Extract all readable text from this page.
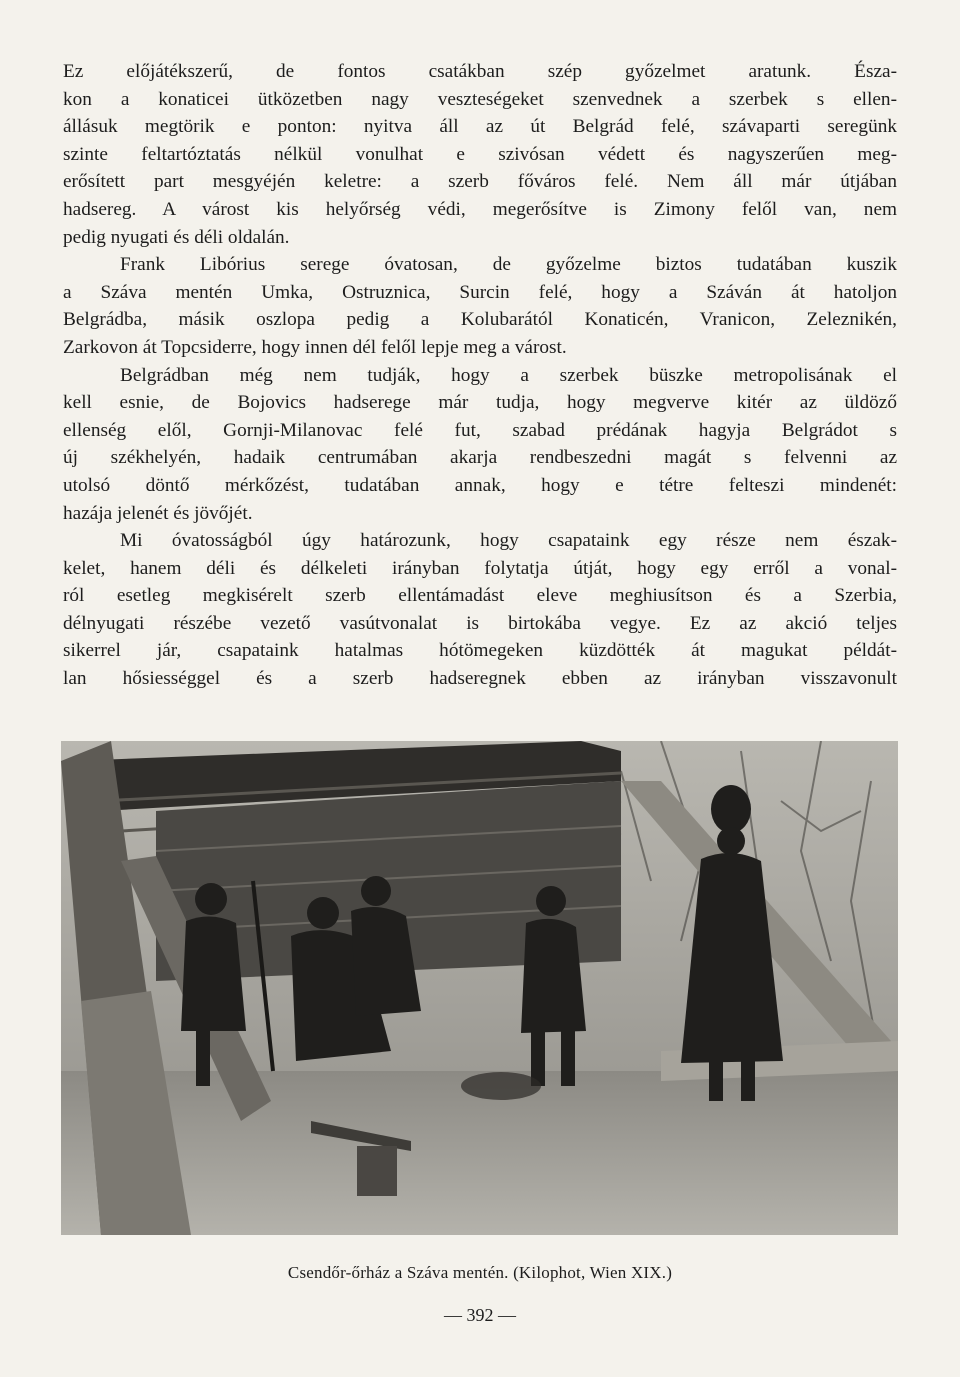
Ez előjátékszerű, de fontos csatákban szép győzelmet aratunk. Észa-
kon a konaticei ütközetben nagy veszteségeket szenvednek a szerbek s ellen-
állásuk megtörik e ponton: nyitva áll az út Belgrád felé, szávaparti seregünk
szinte feltartóztatás nélkül vonulhat e szivósan védett és nagyszerűen meg-
erősített part mesgyéjén keletre: a szerb főváros felé. Nem áll már útjában
hadsereg. A várost kis helyőrség védi, megerősítve is Zimony felől van, nem
pedig nyugati és déli oldalán.
Frank Libórius serege óvatosan, de győzelme biztos tudatában kuszik
a Száva mentén Umka, Ostruznica, Surcin felé, hogy a Száván át hatoljon
Belgrádba, másik oszlopa pedig a Kolubarától Konaticén, Vranicon, Zeleznikén,
Zarkovon át Topcsiderre, hogy innen dél felől lepje meg a várost.
Belgrádban még nem tudják, hogy a szerbek büszke metropolisának el
kell esnie, de Bojovics hadserege már tudja, hogy megverve kitér az üldöző
ellenség elől, Gornji-Milanovac felé fut, szabad prédának hagyja Belgrádot s
új székhelyén, hadaik centrumában akarja rendbeszedni magát s felvenni az
utolsó döntő mérkőzést, tudatában annak, hogy e tétre felteszi mindenét:
hazája jelenét és jövőjét.
Mi óvatosságból úgy határozunk, hogy csapataink egy része nem észak-
kelet, hanem déli és délkeleti irányban folytatja útját, hogy egy erről a vonal-
ról esetleg megkisérelt szerb ellentámadást eleve meghiusítson és a Szerbia,
délnyugati részébe vezető vasútvonalat is birtokába vegye. Ez az akció teljes
sikerrel jár, csapataink hatalmas hótömegeken küzdötték át magukat példát-
lan hősiességgel és a szerb hadseregnek ebben az irányban visszavonult
Csendőr-őrház a Száva mentén. (Kilophot, Wien XIX.)
— 392 —
